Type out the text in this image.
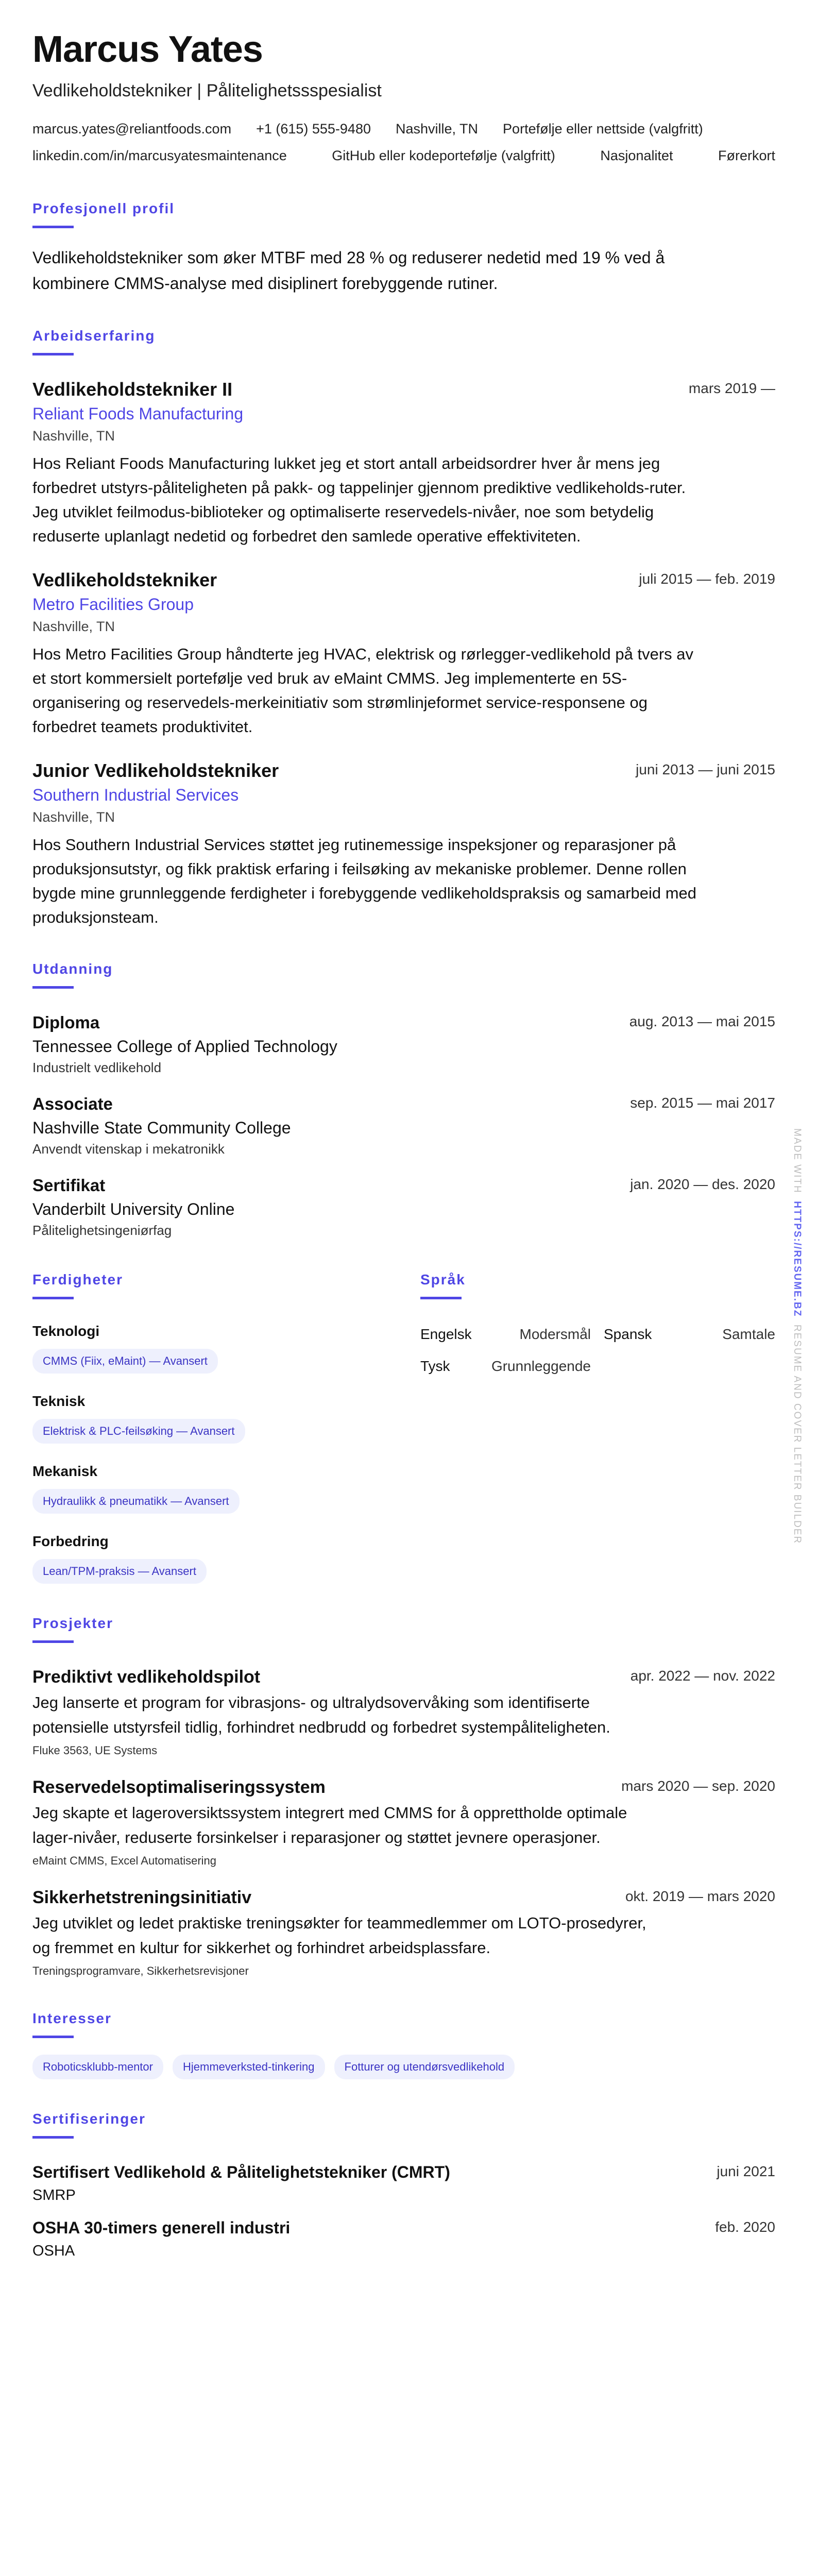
Marcus Yates
Vedlikeholdstekniker | Pålitelighetssspesialist
marcus.yates@reliantfoods.com +1 (615) 555-9480 Nashville, TN Portefølje eller nettside (valgfritt)
linkedin.com/in/marcusyatesmaintenance	GitHub eller kodeportefølje (valgfritt)	Nasjonalitet	Førerkort
Profesjonell profil

Vedlikeholdstekniker som øker MTBF med 28 % og reduserer nedetid med 19 % ved å kombinere CMMS-analyse med disiplinert forebyggende rutiner.

Arbeidserfaring
Vedlikeholdstekniker II	mars 2019 —
Reliant Foods Manufacturing
Nashville, TN

Hos Reliant Foods Manufacturing lukket jeg et stort antall arbeidsordrer hver år mens jeg forbedret utstyrs-påliteligheten på pakk- og tappelinjer gjennom prediktive vedlikeholds-ruter. Jeg utviklet feilmodus-biblioteker og optimaliserte reservedels-nivåer, noe som betydelig reduserte uplanlagt nedetid og forbedret den samlede operative effektiviteten.

Vedlikeholdstekniker	juli 2015 — feb. 2019
Metro Facilities Group
Nashville, TN

Hos Metro Facilities Group håndterte jeg HVAC, elektrisk og rørlegger-vedlikehold på tvers av et stort kommersielt portefølje ved bruk av eMaint CMMS. Jeg implementerte en 5S-organisering og reservedels-merkeinitiativ som strømlinjeformet service-responsene og forbedret teamets produktivitet.

Junior Vedlikeholdstekniker	juni 2013 — juni 2015
Southern Industrial Services
Nashville, TN

Hos Southern Industrial Services støttet jeg rutinemessige inspeksjoner og reparasjoner på produksjonsutstyr, og fikk praktisk erfaring i feilsøking av mekaniske problemer. Denne rollen bygde mine grunnleggende ferdigheter i forebyggende vedlikeholdspraksis og samarbeid med produksjonsteam.

Utdanning
Diploma	aug. 2013 — mai 2015
Tennessee College of Applied Technology
Industrielt vedlikehold
Associate	sep. 2015 — mai 2017
Nashville State Community College
Anvendt vitenskap i mekatronikk
Sertifikat	jan. 2020 — des. 2020
Vanderbilt University Online
Pålitelighetsingeniørfag
Ferdigheter
Teknologi
CMMS (Fiix, eMaint) — Avansert
Teknisk
Elektrisk & PLC-feilsøking — Avansert
Mekanisk
Hydraulikk & pneumatikk — Avansert
Forbedring
Lean/TPM-praksis — Avansert
Språk
Engelsk	Modersmål Spansk	Samtale
Tysk	Grunnleggende
Prosjekter
Prediktivt vedlikeholdspilot	apr. 2022 — nov. 2022

Jeg lanserte et program for vibrasjons- og ultralydsovervåking som identifiserte potensielle utstyrsfeil tidlig, forhindret nedbrudd og forbedret systempåliteligheten.

Fluke 3563, UE Systems
Reservedelsoptimaliseringssystem	mars 2020 — sep. 2020

Jeg skapte et lageroversiktssystem integrert med CMMS for å opprettholde optimale lager-nivåer, reduserte forsinkelser i reparasjoner og støttet jevnere operasjoner.

eMaint CMMS, Excel Automatisering
Sikkerhetstreningsinitiativ	okt. 2019 — mars 2020

Jeg utviklet og ledet praktiske treningsøkter for teammedlemmer om LOTO-prosedyrer, og fremmet en kultur for sikkerhet og forhindret arbeidsplassfare.

Treningsprogramvare, Sikkerhetsrevisjoner
Interesser
Roboticsklubb-mentor	Hjemmeverksted-tinkering	Fotturer og utendørsvedlikehold
Sertifiseringer
Sertifisert Vedlikehold & Pålitelighetstekniker (CMRT)	juni 2021
SMRP
OSHA 30-timers generell industri	feb. 2020
OSHA
MADE WITH  HTTPS://RESUME.BZ  RESUME AND COVER LETTER BUILDER
